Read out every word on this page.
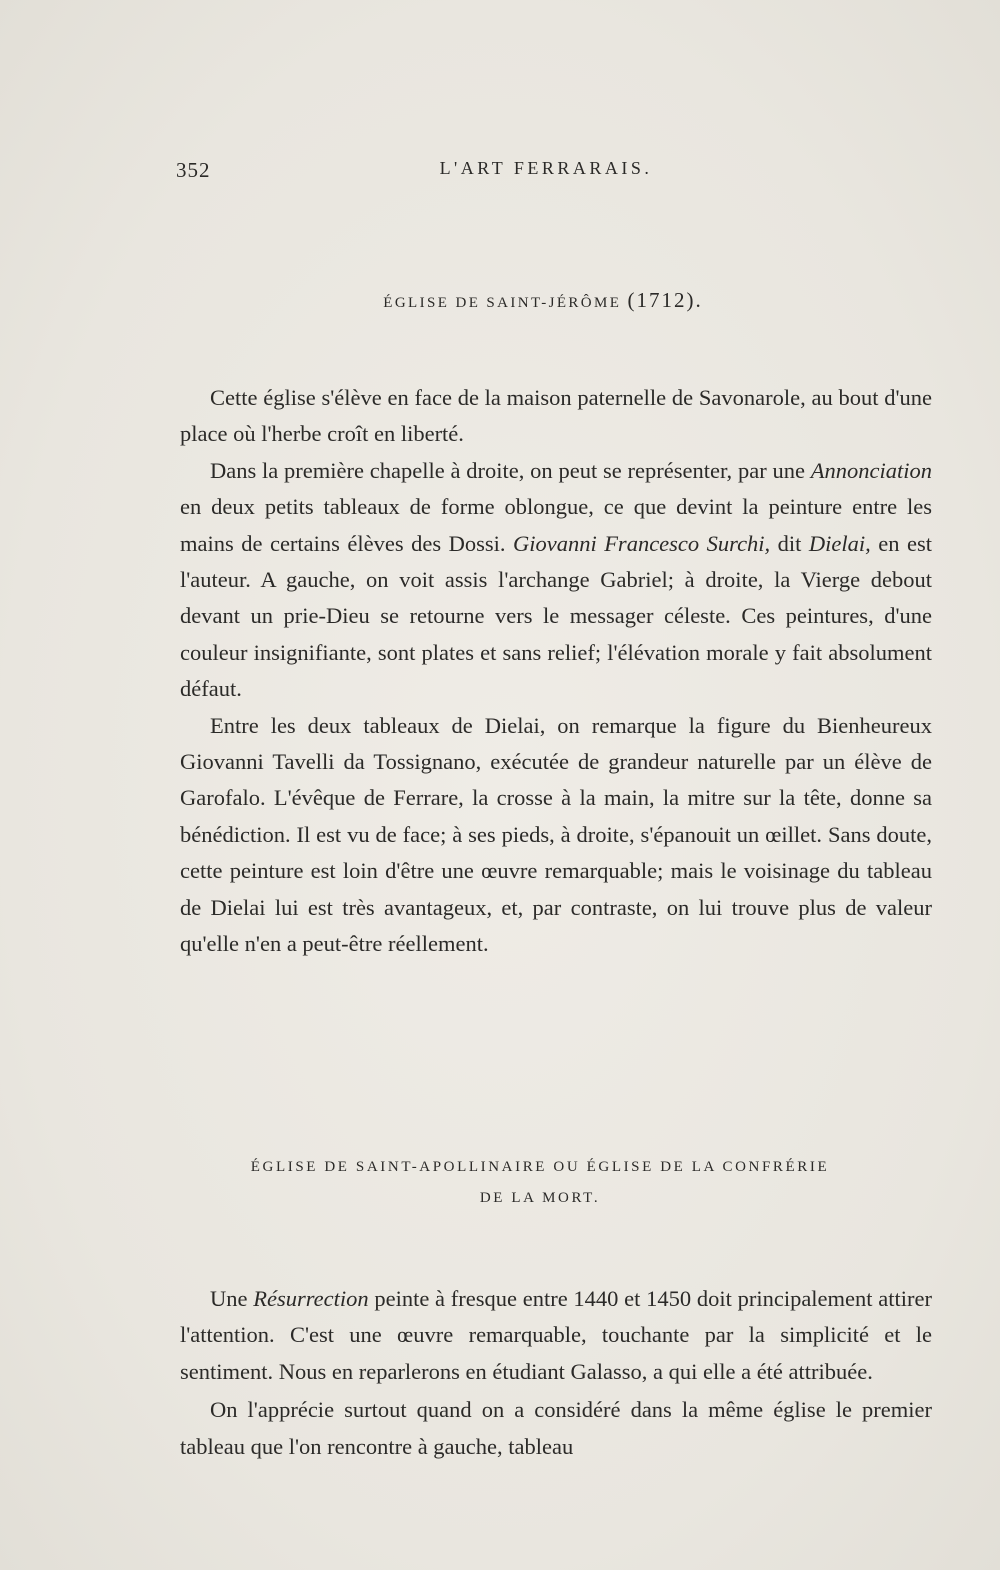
352	L'ART FERRARAIS.
ÉGLISE DE SAINT-JÉRÔME (1712).

Cette église s'élève en face de la maison paternelle de Savonarole, au bout d'une place où l'herbe croît en liberté.

Dans la première chapelle à droite, on peut se représenter, par une Annonciation en deux petits tableaux de forme oblongue, ce que devint la peinture entre les mains de certains élèves des Dossi. Giovanni Francesco Surchi, dit Dielai, en est l'auteur. A gauche, on voit assis l'archange Gabriel; à droite, la Vierge debout devant un prie-Dieu se retourne vers le messager céleste. Ces peintures, d'une couleur insignifiante, sont plates et sans relief; l'élévation morale y fait absolument défaut.

Entre les deux tableaux de Dielai, on remarque la figure du Bienheureux Giovanni Tavelli da Tossignano, exécutée de grandeur naturelle par un élève de Garofalo. L'évêque de Ferrare, la crosse à la main, la mitre sur la tête, donne sa bénédiction. Il est vu de face; à ses pieds, à droite, s'épanouit un œillet. Sans doute, cette peinture est loin d'être une œuvre remarquable; mais le voisinage du tableau de Dielai lui est très avantageux, et, par contraste, on lui trouve plus de valeur qu'elle n'en a peut-être réellement.

ÉGLISE DE SAINT-APOLLINAIRE OU ÉGLISE DE LA CONFRÉRIE
DE LA MORT.

Une Résurrection peinte à fresque entre 1440 et 1450 doit principalement attirer l'attention. C'est une œuvre remarquable, touchante par la simplicité et le sentiment. Nous en reparlerons en étudiant Galasso, a qui elle a été attribuée.

On l'apprécie surtout quand on a considéré dans la même église le premier tableau que l'on rencontre à gauche, tableau
